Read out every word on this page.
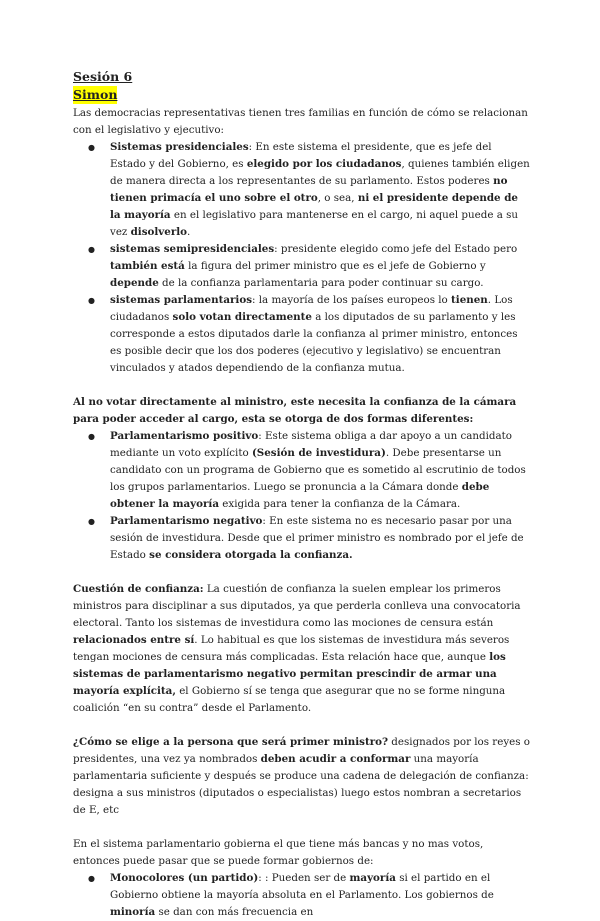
Sesión 6

Simon

Las democracias representativas tienen tres familias en función de cómo se relacionan con el legislativo y ejecutivo:

● Sistemas presidenciales: En este sistema el presidente, que es jefe del Estado y del Gobierno, es elegido por los ciudadanos, quienes también eligen de manera directa a los representantes de su parlamento. Estos poderes no tienen primacía el uno sobre el otro, o sea, ni el presidente depende de la mayoría en el legislativo para mantenerse en el cargo, ni aquel puede a su vez disolverlo.
● sistemas semipresidenciales: presidente elegido como jefe del Estado pero también está la figura del primer ministro que es el jefe de Gobierno y depende de la confianza parlamentaria para poder continuar su cargo.
● sistemas parlamentarios: la mayoría de los países europeos lo tienen. Los ciudadanos solo votan directamente a los diputados de su parlamento y les corresponde a estos diputados darle la confianza al primer ministro, entonces es posible decir que los dos poderes (ejecutivo y legislativo) se encuentran vinculados y atados dependiendo de la confianza mutua.

Al no votar directamente al ministro, este necesita la confianza de la cámara para poder acceder al cargo, esta se otorga de dos formas diferentes:

● Parlamentarismo positivo: Este sistema obliga a dar apoyo a un candidato mediante un voto explícito (Sesión de investidura). Debe presentarse un candidato con un programa de Gobierno que es sometido al escrutinio de todos los grupos parlamentarios. Luego se pronuncia a la Cámara donde debe obtener la mayoría exigida para tener la confianza de la Cámara.
● Parlamentarismo negativo: En este sistema no es necesario pasar por una sesión de investidura. Desde que el primer ministro es nombrado por el jefe de Estado se considera otorgada la confianza.

Cuestión de confianza: La cuestión de confianza la suelen emplear los primeros ministros para disciplinar a sus diputados, ya que perderla conlleva una convocatoria electoral. Tanto los sistemas de investidura como las mociones de censura están relacionados entre sí. Lo habitual es que los sistemas de investidura más severos tengan mociones de censura más complicadas. Esta relación hace que, aunque los sistemas de parlamentarismo negativo permitan prescindir de armar una mayoría explícita, el Gobierno sí se tenga que asegurar que no se forme ninguna coalición “en su contra” desde el Parlamento.

¿Cómo se elige a la persona que será primer ministro? designados por los reyes o presidentes, una vez ya nombrados deben acudir a conformar una mayoría parlamentaria suficiente y después se produce una cadena de delegación de confianza: designa a sus ministros (diputados o especialistas) luego estos nombran a secretarios de E, etc

En el sistema parlamentario gobierna el que tiene más bancas y no mas votos, entonces puede pasar que se puede formar gobiernos de:

● Monocolores (un partido): : Pueden ser de mayoría si el partido en el Gobierno obtiene la mayoría absoluta en el Parlamento. Los gobiernos de minoría se dan con más frecuencia en
